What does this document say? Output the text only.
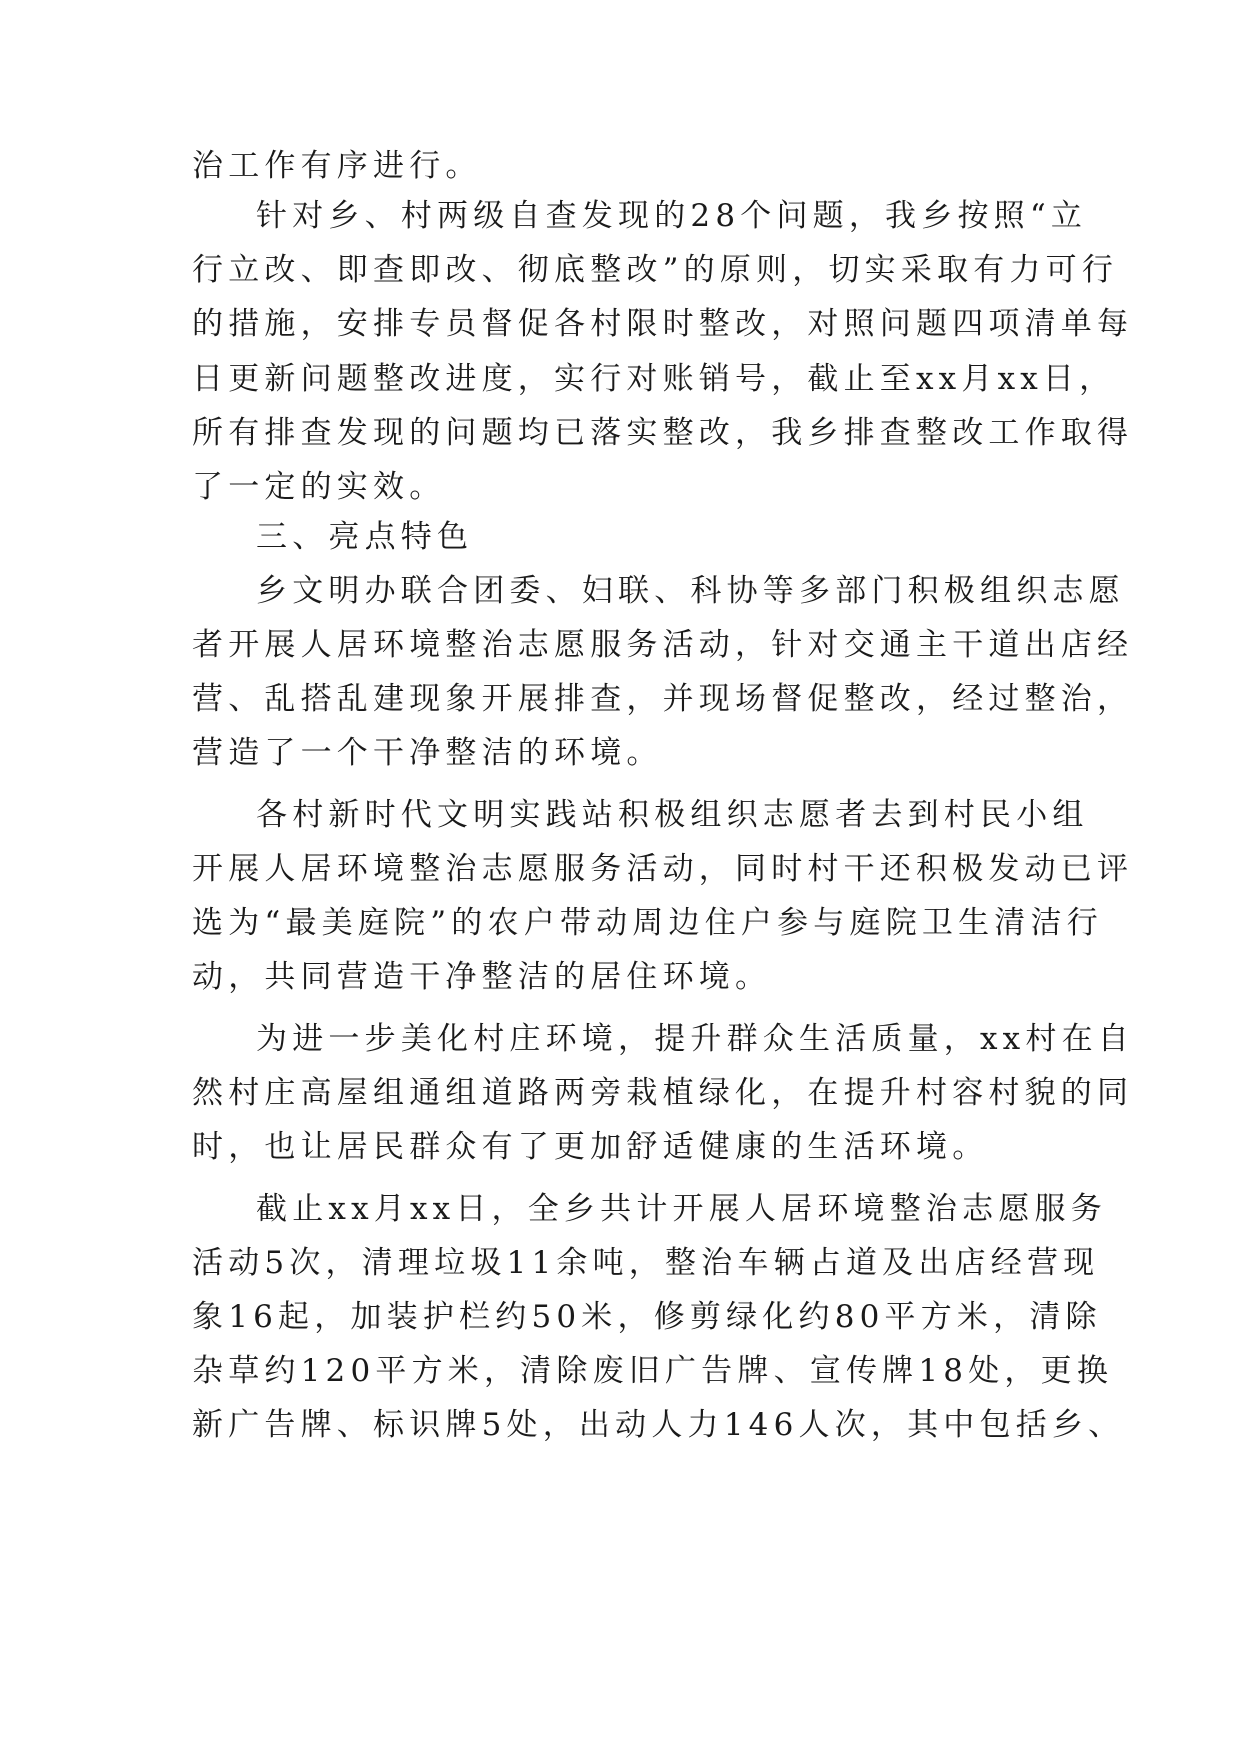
治工作有序进行。
针对乡、村两级自查发现的28个问题，我乡按照“立
行立改、即查即改、彻底整改”的原则，切实采取有力可行
的措施，安排专员督促各村限时整改，对照问题四项清单每
日更新问题整改进度，实行对账销号，截止至xx月xx日，
所有排查发现的问题均已落实整改，我乡排查整改工作取得
了一定的实效。
三、亮点特色
乡文明办联合团委、妇联、科协等多部门积极组织志愿
者开展人居环境整治志愿服务活动，针对交通主干道出店经
营、乱搭乱建现象开展排查，并现场督促整改，经过整治，
营造了一个干净整洁的环境。
各村新时代文明实践站积极组织志愿者去到村民小组
开展人居环境整治志愿服务活动，同时村干还积极发动已评
选为“最美庭院”的农户带动周边住户参与庭院卫生清洁行
动，共同营造干净整洁的居住环境。
为进一步美化村庄环境，提升群众生活质量，xx村在自
然村庄高屋组通组道路两旁栽植绿化，在提升村容村貌的同
时，也让居民群众有了更加舒适健康的生活环境。
截止xx月xx日，全乡共计开展人居环境整治志愿服务
活动5次，清理垃圾11余吨，整治车辆占道及出店经营现
象16起，加装护栏约50米，修剪绿化约80平方米，清除
杂草约120平方米，清除废旧广告牌、宣传牌18处，更换
新广告牌、标识牌5处，出动人力146人次，其中包括乡、
